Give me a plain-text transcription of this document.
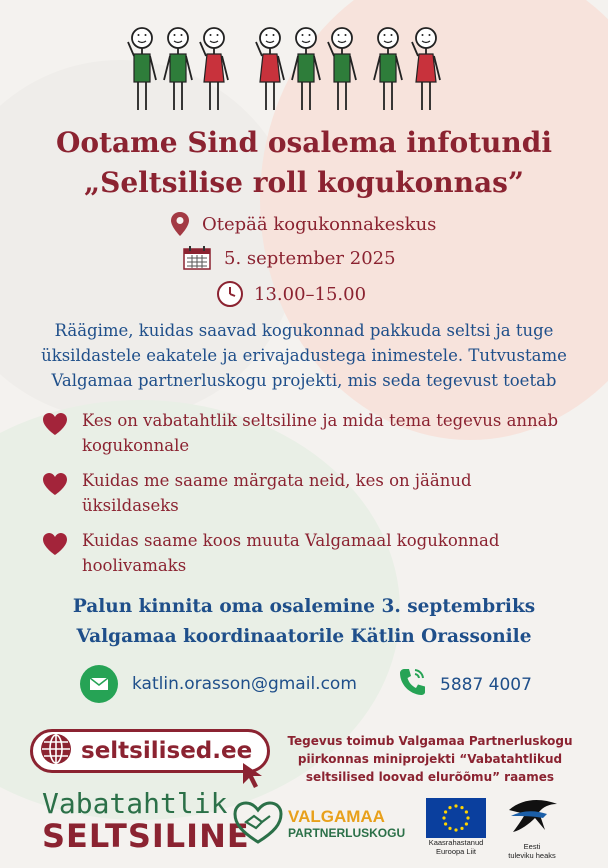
Ootame Sind osalema infotundi
„Seltsilise roll kogukonnas”
Otepää kogukonnakeskus
5. september 2025
13.00–15.00
Räägime, kuidas saavad kogukonnad pakkuda seltsi ja tuge üksildastele eakatele ja erivajadustega inimestele. Tutvustame Valgamaa partnerluskogu projekti, mis seda tegevust toetab
Kes on vabatahtlik seltsiline ja mida tema tegevus annab
kogukonnale
Kuidas me saame märgata neid, kes on jäänud
üksildaseks
Kuidas saame koos muuta Valgamaal kogukonnad
hoolivamaks
Palun kinnita oma osalemine 3. septembriks
Valgamaa koordinaatorile Kätlin Orassonile
katlin.orasson@gmail.com	5887 4007
seltsilised.ee	Tegevus toimub Valgamaa Partnerluskogu piirkonnas miniprojekti “Vabatahtlikud seltsilised loovad elurõõmu” raames
Vabatahtlik
SELTSILINE
VALGAMAA
PARTNERLUSKOGU
Kaasrahastanud
Euroopa Liit
Eesti
tuleviku heaks
